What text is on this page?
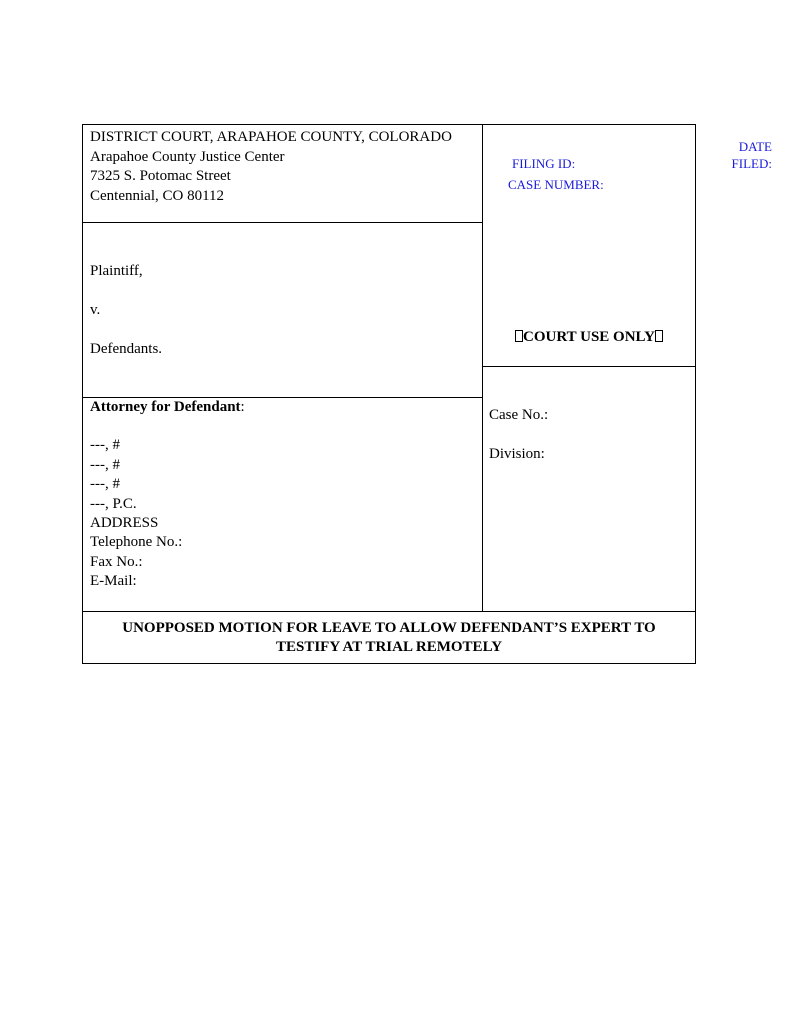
DATE
FILED:
DISTRICT COURT, ARAPAHOE COUNTY, COLORADO
Arapahoe County Justice Center
7325 S. Potomac Street
Centennial, CO 80112
Plaintiff,
v.
Defendants.
Attorney for Defendant:
---, #
---, #
---, #
---, P.C.
ADDRESS
Telephone No.:
Fax No.:
E-Mail:
FILING ID:
CASE NUMBER:
COURT USE ONLY
Case No.:
Division:
UNOPPOSED MOTION FOR LEAVE TO ALLOW DEFENDANT’S EXPERT TO
TESTIFY AT TRIAL REMOTELY
